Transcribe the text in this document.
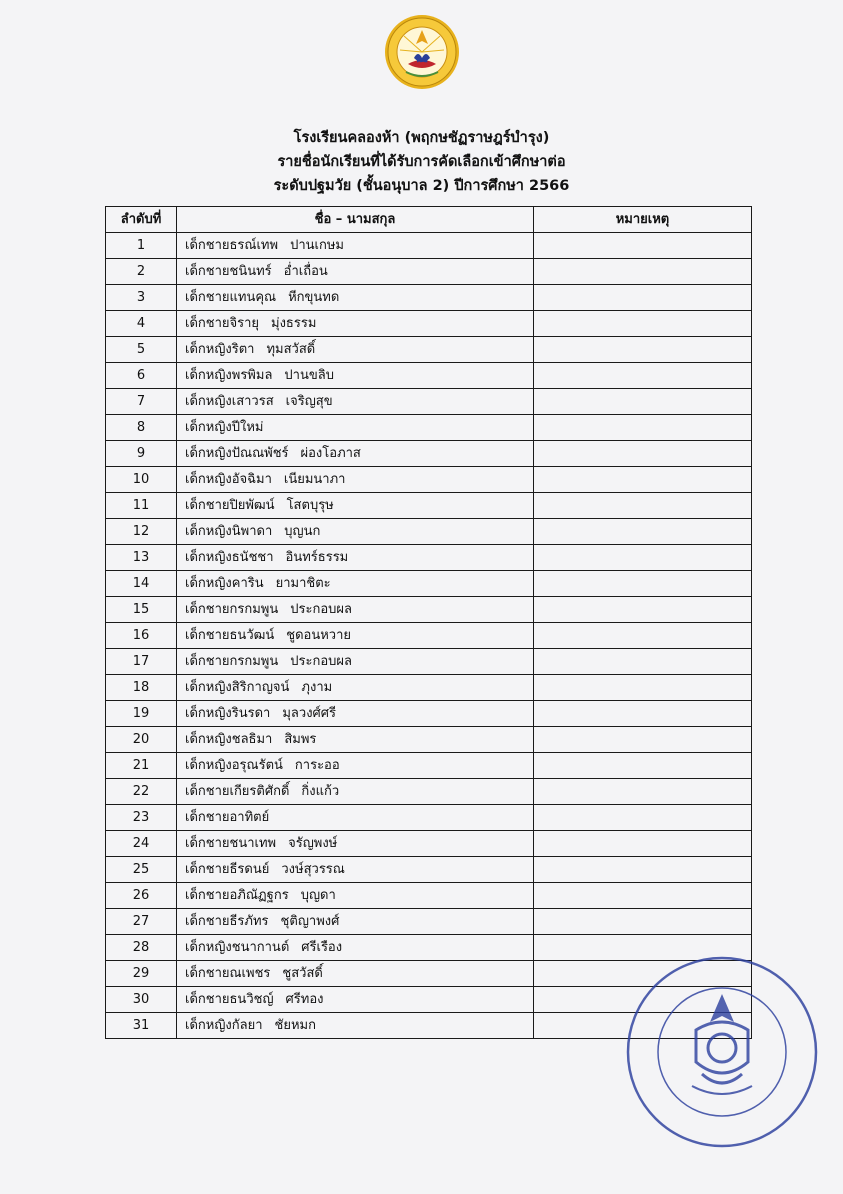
พช
โรงเรียนคลองห้า (พฤกษชัฏราษฎร์บำรุง)
รายชื่อนักเรียนที่ได้รับการคัดเลือกเข้าศึกษาต่อ
ระดับปฐมวัย (ชั้นอนุบาล 2) ปีการศึกษา 2566
ลำดับที่	ชื่อ – นามสกุล	หมายเหตุ
1	เด็กชายธรณ์เทพ ปานเกษม	
2	เด็กชายชนินทร์ อ่ำเถื่อน	
3	เด็กชายแทนคุณ หีกขุนทด	
4	เด็กชายจิรายุ มุ่งธรรม	
5	เด็กหญิงริตา ทุมสวัสดิ์	
6	เด็กหญิงพรพิมล ปานขลิบ	
7	เด็กหญิงเสาวรส เจริญสุข	
8	เด็กหญิงปีใหม่	
9	เด็กหญิงปัณณพัชร์ ผ่องโอภาส	
10	เด็กหญิงอัจฉิมา เนียมนาภา	
11	เด็กชายปิยพัฒน์ โสตบุรุษ	
12	เด็กหญิงนิพาดา บุญนก	
13	เด็กหญิงธนัชชา อินทร์ธรรม	
14	เด็กหญิงคาริน ยามาชิตะ	
15	เด็กชายกรกมพูน ประกอบผล	
16	เด็กชายธนวัฒน์ ชูดอนหวาย	
17	เด็กชายกรกมพูน ประกอบผล	
18	เด็กหญิงสิริกาญจน์ ภุงาม	
19	เด็กหญิงรินรดา มุลวงศ์ศรี	
20	เด็กหญิงชลธิมา สิมพร	
21	เด็กหญิงอรุณรัตน์ การะออ	
22	เด็กชายเกียรติศักดิ์ กิ่งแก้ว	
23	เด็กชายอาทิตย์	
24	เด็กชายชนาเทพ จรัญพงษ์	
25	เด็กชายธีรดนย์ วงษ์สุวรรณ	
26	เด็กชายอภิณัฏฐกร บุญดา	
27	เด็กชายธีรภัทร ชุติญาพงศ์	
28	เด็กหญิงชนากานต์ ศรีเรือง	
29	เด็กชายณเพชร ชูสวัสดิ์	
30	เด็กชายธนวิชญ์ ศรีทอง	
31	เด็กหญิงกัลยา ชัยหมก	
